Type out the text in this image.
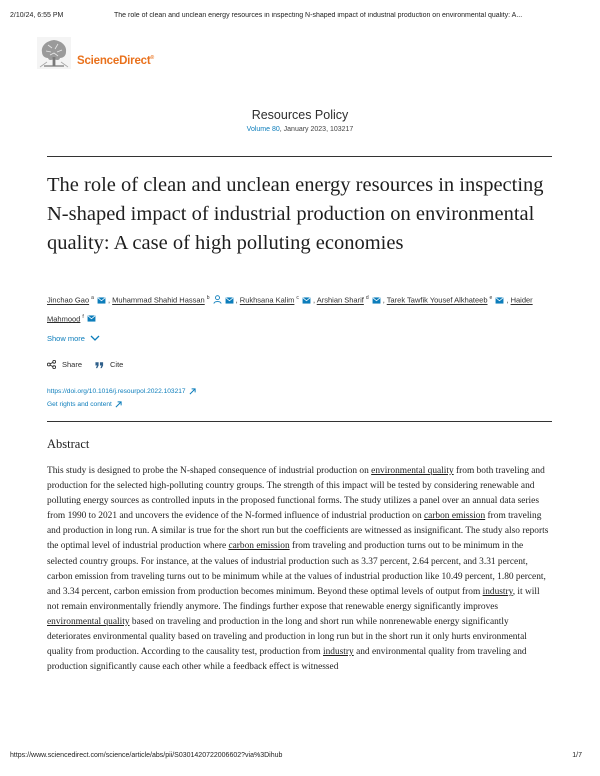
2/10/24, 6:55 PM	The role of clean and unclean energy resources in inspecting N-shaped impact of industrial production on environmental quality: A...
ScienceDirect®
Resources Policy
Volume 80, January 2023, 103217
The role of clean and unclean energy resources in inspecting N-shaped impact of industrial production on environmental quality: A case of high polluting economies
Jinchao Gao $^a$ , Muhammad Shahid Hassan $^b$	, Rukhsana Kalim $^c$ , Arshian Sharif $^d$ , Tarek Tawfik Yousef Alkhateeb $^e$ , Haider Mahmood $^f$
Show more
Share	Cite
https://doi.org/10.1016/j.resourpol.2022.103217
Get rights and content
Abstract

This study is designed to probe the N-shaped consequence of industrial production on environmental quality from both traveling and production for the selected high-polluting country groups. The strength of this impact will be tested by considering renewable and polluting energy sources as controlled inputs in the proposed functional forms. The study utilizes a panel over an annual data series from 1990 to 2021 and uncovers the evidence of the N-formed influence of industrial production on carbon emission from traveling and production in long run. A similar is true for the short run but the coefficients are witnessed as insignificant. The study also reports the optimal level of industrial production where carbon emission from traveling and production turns out to be minimum in the selected country groups. For instance, at the values of industrial production such as 3.37 percent, 2.64 percent, and 3.31 percent, carbon emission from traveling turns out to be minimum while at the values of industrial production like 10.49 percent, 1.80 percent, and 3.34 percent, carbon emission from production becomes minimum. Beyond these optimal levels of output from industry, it will not remain environmentally friendly anymore. The findings further expose that renewable energy significantly improves environmental quality based on traveling and production in the long and short run while nonrenewable energy significantly deteriorates environmental quality based on traveling and production in long run but in the short run it only hurts environmental quality from production. According to the causality test, production from industry and environmental quality from traveling and production significantly cause each other while a feedback effect is witnessed

https://www.sciencedirect.com/science/article/abs/pii/S030142072200660​2?via%3Dihub	1/7
